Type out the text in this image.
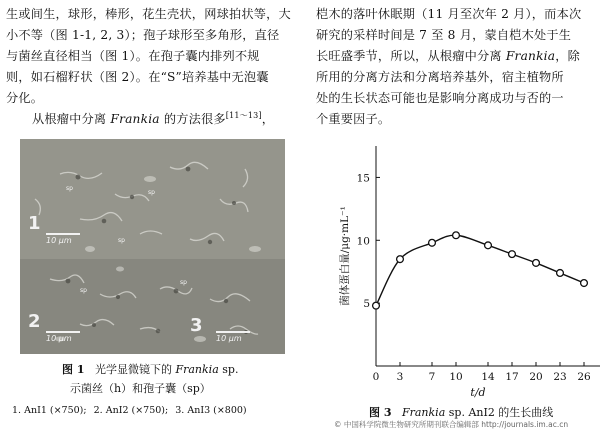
生或间生，球形，棒形，花生壳状，网球拍状等，大

小不等（图 1-1, 2, 3）；孢子球形至多角形，直径

与菌丝直径相当（图 1）。在孢子囊内排列不规

则，如石榴籽状（图 2）。在“S”培养基中无泡囊

分化。

从根瘤中分离 Frankia 的方法很多[11～13]，

桤木的落叶休眠期（11 月至次年 2 月），而本次

研究的采样时间是 7 至 8 月，蒙自桤木处于生

长旺盛季节，所以，从根瘤中分离 Frankia，除

所用的分离方法和分离培养基外，宿主植物所

处的生长状态可能也是影响分离成功与否的一

个重要因子。

1
2	3
10 μm
10 μm	10 μm
sp
sp
sp
sp
sp
图 1 光学显微镜下的 Frankia sp.
示菌丝（h）和孢子囊（sp）
1. AnI1 (×750); 2. AnI2 (×750); 3. AnI3 (×800)
0 3 7 10 14 17 20 23 26
5
10
15
t/d
菌体蛋白量/μg·mL⁻¹
图 3 Frankia sp. AnI2 的生长曲线
© 中国科学院微生物研究所期刊联合编辑部 http://journals.im.ac.cn
